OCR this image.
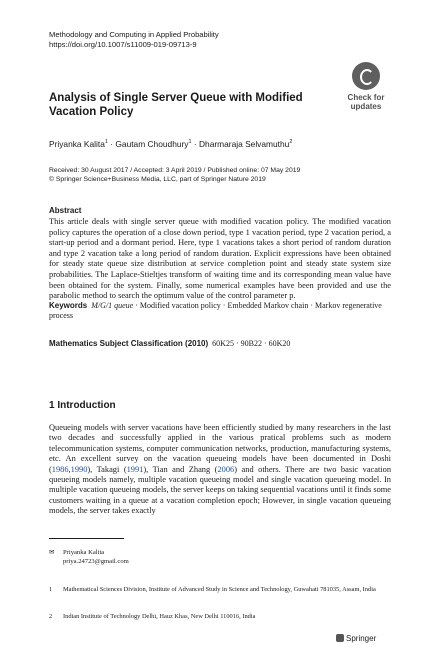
Methodology and Computing in Applied Probability
https://doi.org/10.1007/s11009-019-09713-9
Check for
updates
Analysis of Single Server Queue with Modified Vacation Policy
Priyanka Kalita$^1$ · Gautam Choudhury$^1$ · Dharmaraja Selvamuthu$^2$
Received: 30 August 2017 / Accepted: 3 April 2019 / Published online: 07 May 2019
© Springer Science+Business Media, LLC, part of Springer Nature 2019
Abstract
This article deals with single server queue with modified vacation policy. The modified vacation policy captures the operation of a close down period, type 1 vacation period, type 2 vacation period, a start-up period and a dormant period. Here, type 1 vacations takes a short period of random duration and type 2 vacation take a long period of random duration. Explicit expressions have been obtained for steady state queue size distribution at service completion point and steady state system size probabilities. The Laplace-Stieltjes transform of waiting time and its corresponding mean value have been obtained for the system. Finally, some numerical examples have been provided and use the parabolic method to search the optimum value of the control parameter p.
Keywords M/G/1 queue · Modified vacation policy · Embedded Markov chain · Markov regenerative process
Mathematics Subject Classification (2010) 60K25 · 90B22 · 60K20
1 Introduction
Queueing models with server vacations have been efficiently studied by many researchers in the last two decades and successfully applied in the various pratical problems such as modern telecommunication systems, computer communication networks, production, manufacturing systems, etc. An excellent survey on the vacation queueing models have been documented in Doshi (1986,1990), Takagi (1991), Tian and Zhang (2006) and others. There are two basic vacation queueing models namely, multiple vacation queueing model and single vacation queueing model. In multiple vacation queueing models, the server keeps on taking sequential vacations until it finds some customers waiting in a queue at a vacation completion epoch; However, in single vacation queueing models, the server takes exactly
✉ Priyanka Kalita
priya.24723@gmail.com
1 Mathematical Sciences Division, Institute of Advanced Study in Science and Technology, Guwahati 781035, Assam, India
2 Indian Institute of Technology Delhi, Hauz Khas, New Delhi 110016, India
Springer
